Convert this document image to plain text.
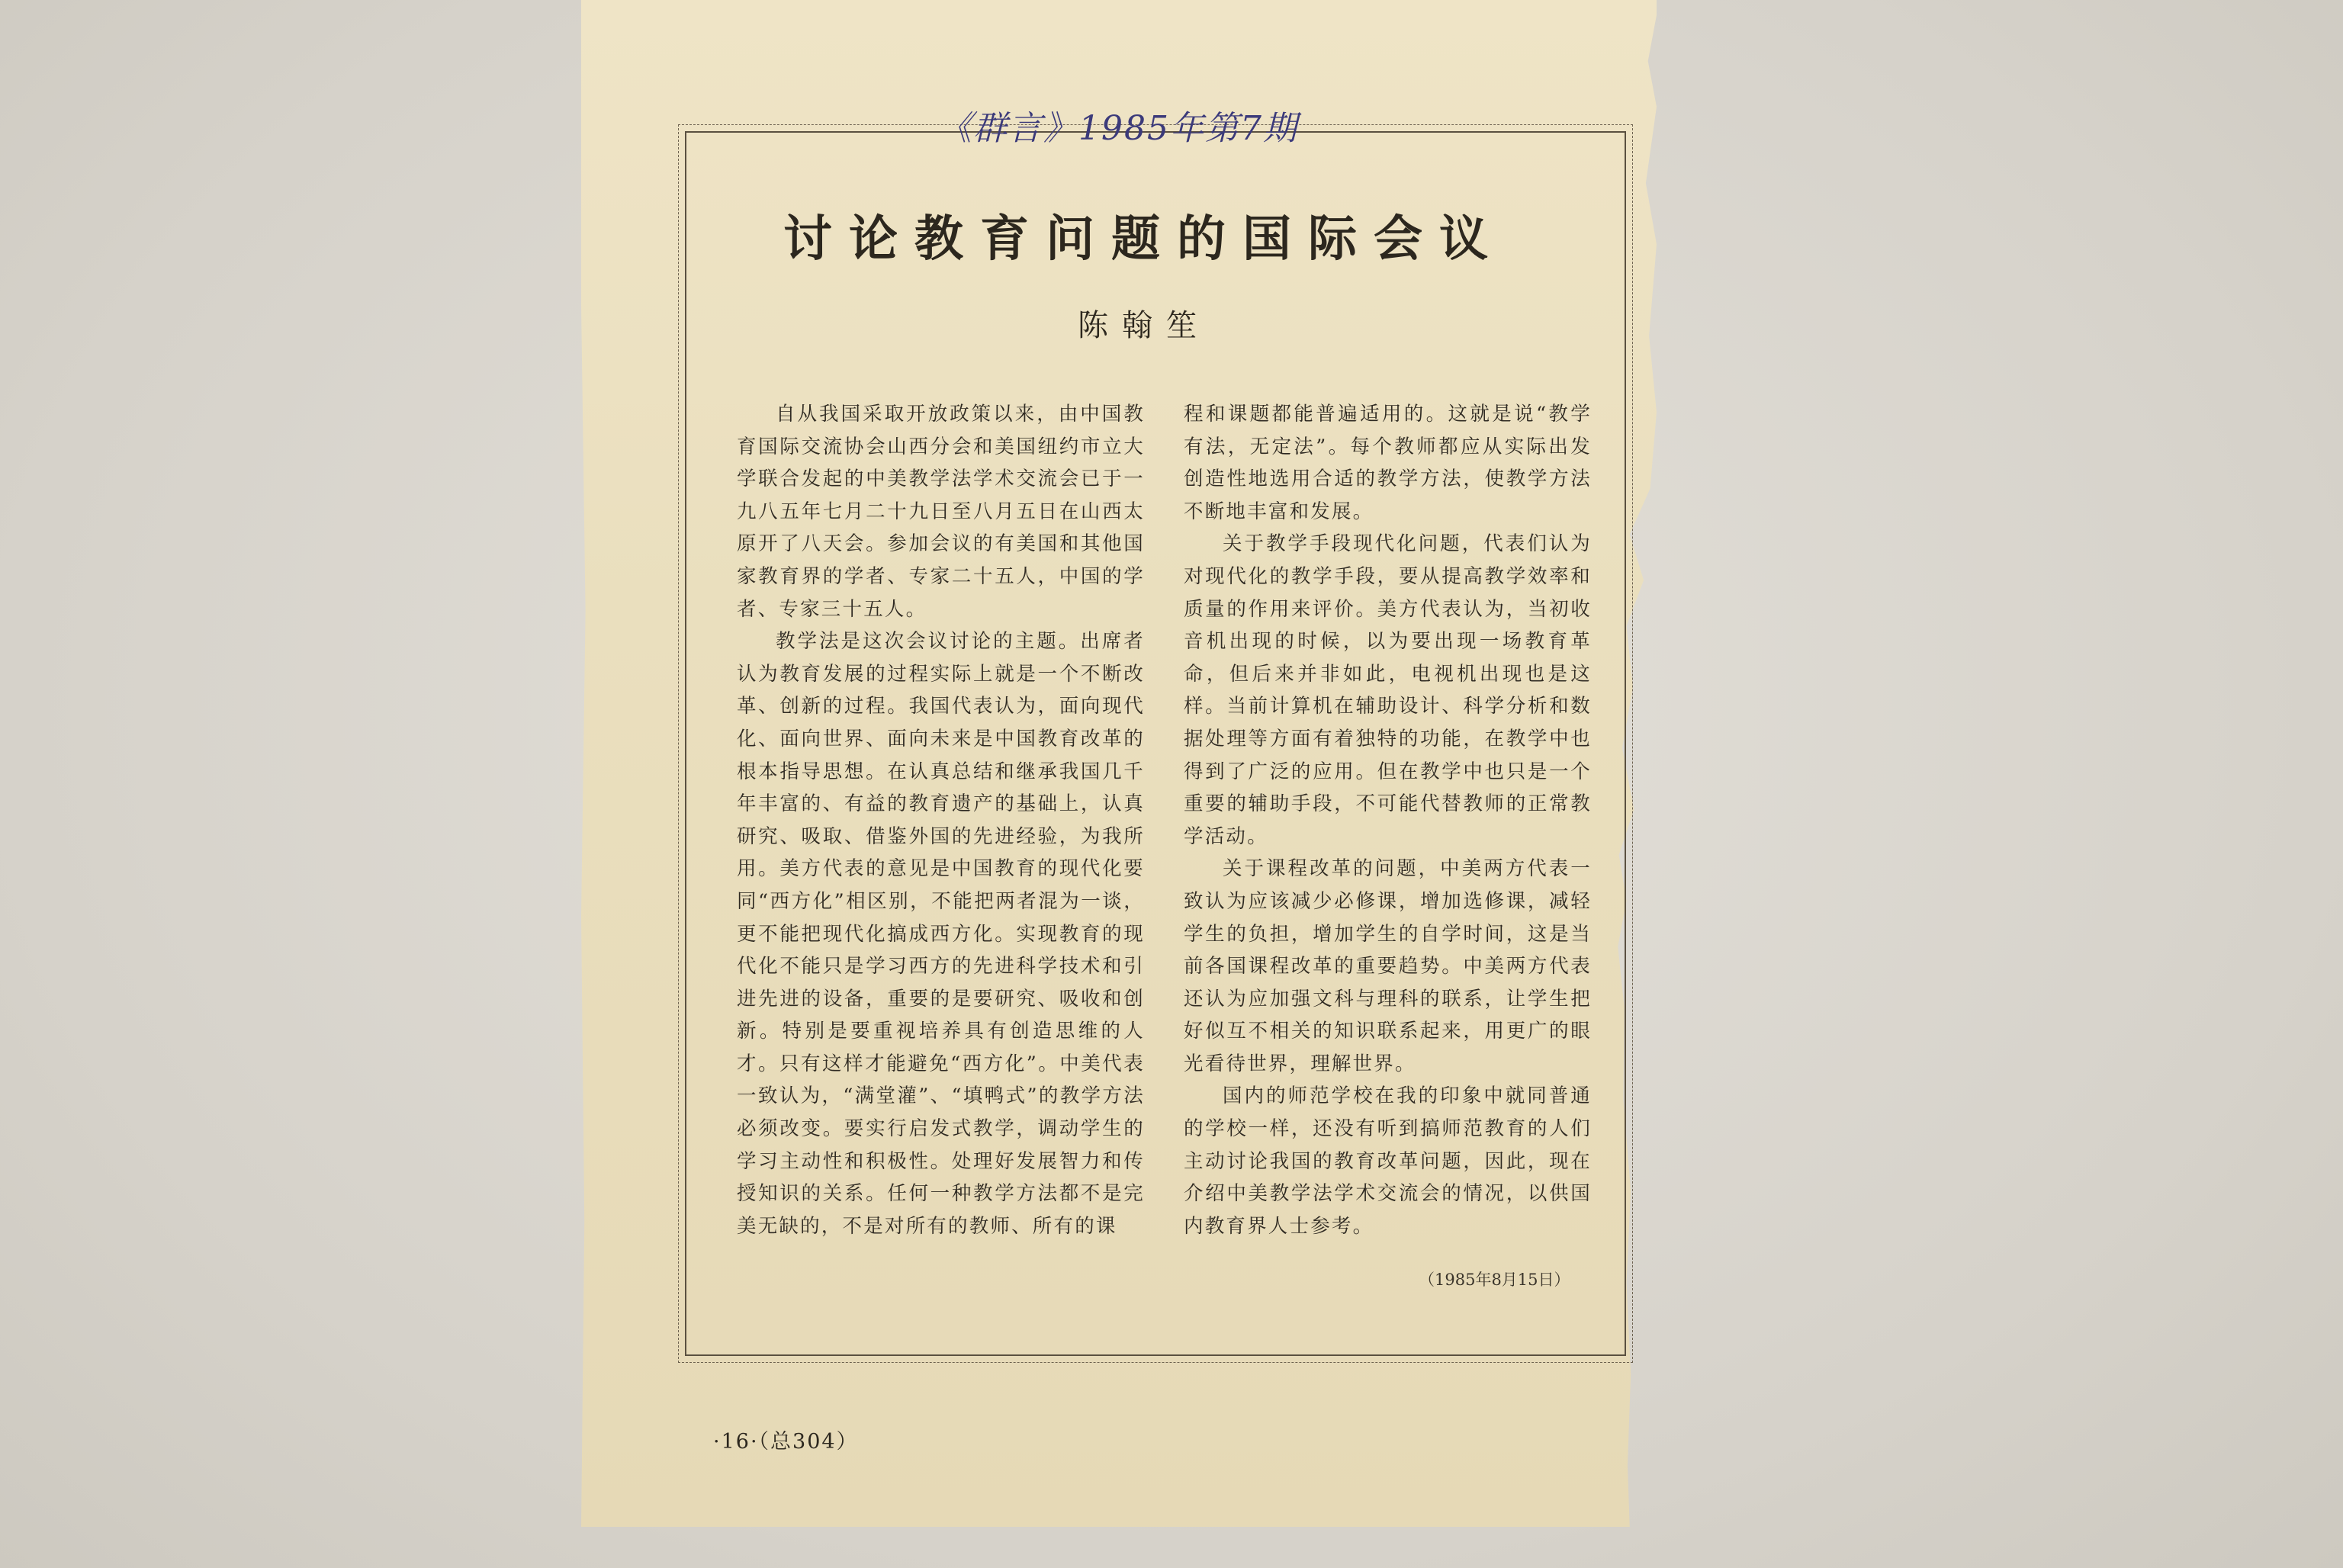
《群言》1985年第7期
讨论教育问题的国际会议
陈翰笙

自从我国采取开放政策以来，由中国教育国际交流协会山西分会和美国纽约市立大学联合发起的中美教学法学术交流会已于一九八五年七月二十九日至八月五日在山西太原开了八天会。参加会议的有美国和其他国家教育界的学者、专家二十五人，中国的学者、专家三十五人。

教学法是这次会议讨论的主题。出席者认为教育发展的过程实际上就是一个不断改革、创新的过程。我国代表认为，面向现代化、面向世界、面向未来是中国教育改革的根本指导思想。在认真总结和继承我国几千年丰富的、有益的教育遗产的基础上，认真研究、吸取、借鉴外国的先进经验，为我所用。美方代表的意见是中国教育的现代化要同“西方化”相区别，不能把两者混为一谈，更不能把现代化搞成西方化。实现教育的现代化不能只是学习西方的先进科学技术和引进先进的设备，重要的是要研究、吸收和创新。特别是要重视培养具有创造思维的人才。只有这样才能避免“西方化”。中美代表一致认为，“满堂灌”、“填鸭式”的教学方法必须改变。要实行启发式教学，调动学生的学习主动性和积极性。处理好发展智力和传授知识的关系。任何一种教学方法都不是完美无缺的，不是对所有的教师、所有的课

程和课题都能普遍适用的。这就是说“教学有法，无定法”。每个教师都应从实际出发创造性地选用合适的教学方法，使教学方法不断地丰富和发展。

关于教学手段现代化问题，代表们认为对现代化的教学手段，要从提高教学效率和质量的作用来评价。美方代表认为，当初收音机出现的时候，以为要出现一场教育革命，但后来并非如此，电视机出现也是这样。当前计算机在辅助设计、科学分析和数据处理等方面有着独特的功能，在教学中也得到了广泛的应用。但在教学中也只是一个重要的辅助手段，不可能代替教师的正常教学活动。

关于课程改革的问题，中美两方代表一致认为应该减少必修课，增加选修课，减轻学生的负担，增加学生的自学时间，这是当前各国课程改革的重要趋势。中美两方代表还认为应加强文科与理科的联系，让学生把好似互不相关的知识联系起来，用更广的眼光看待世界，理解世界。

国内的师范学校在我的印象中就同普通的学校一样，还没有听到搞师范教育的人们主动讨论我国的教育改革问题，因此，现在介绍中美教学法学术交流会的情况，以供国内教育界人士参考。

（1985年8月15日）
·16·（总304）
